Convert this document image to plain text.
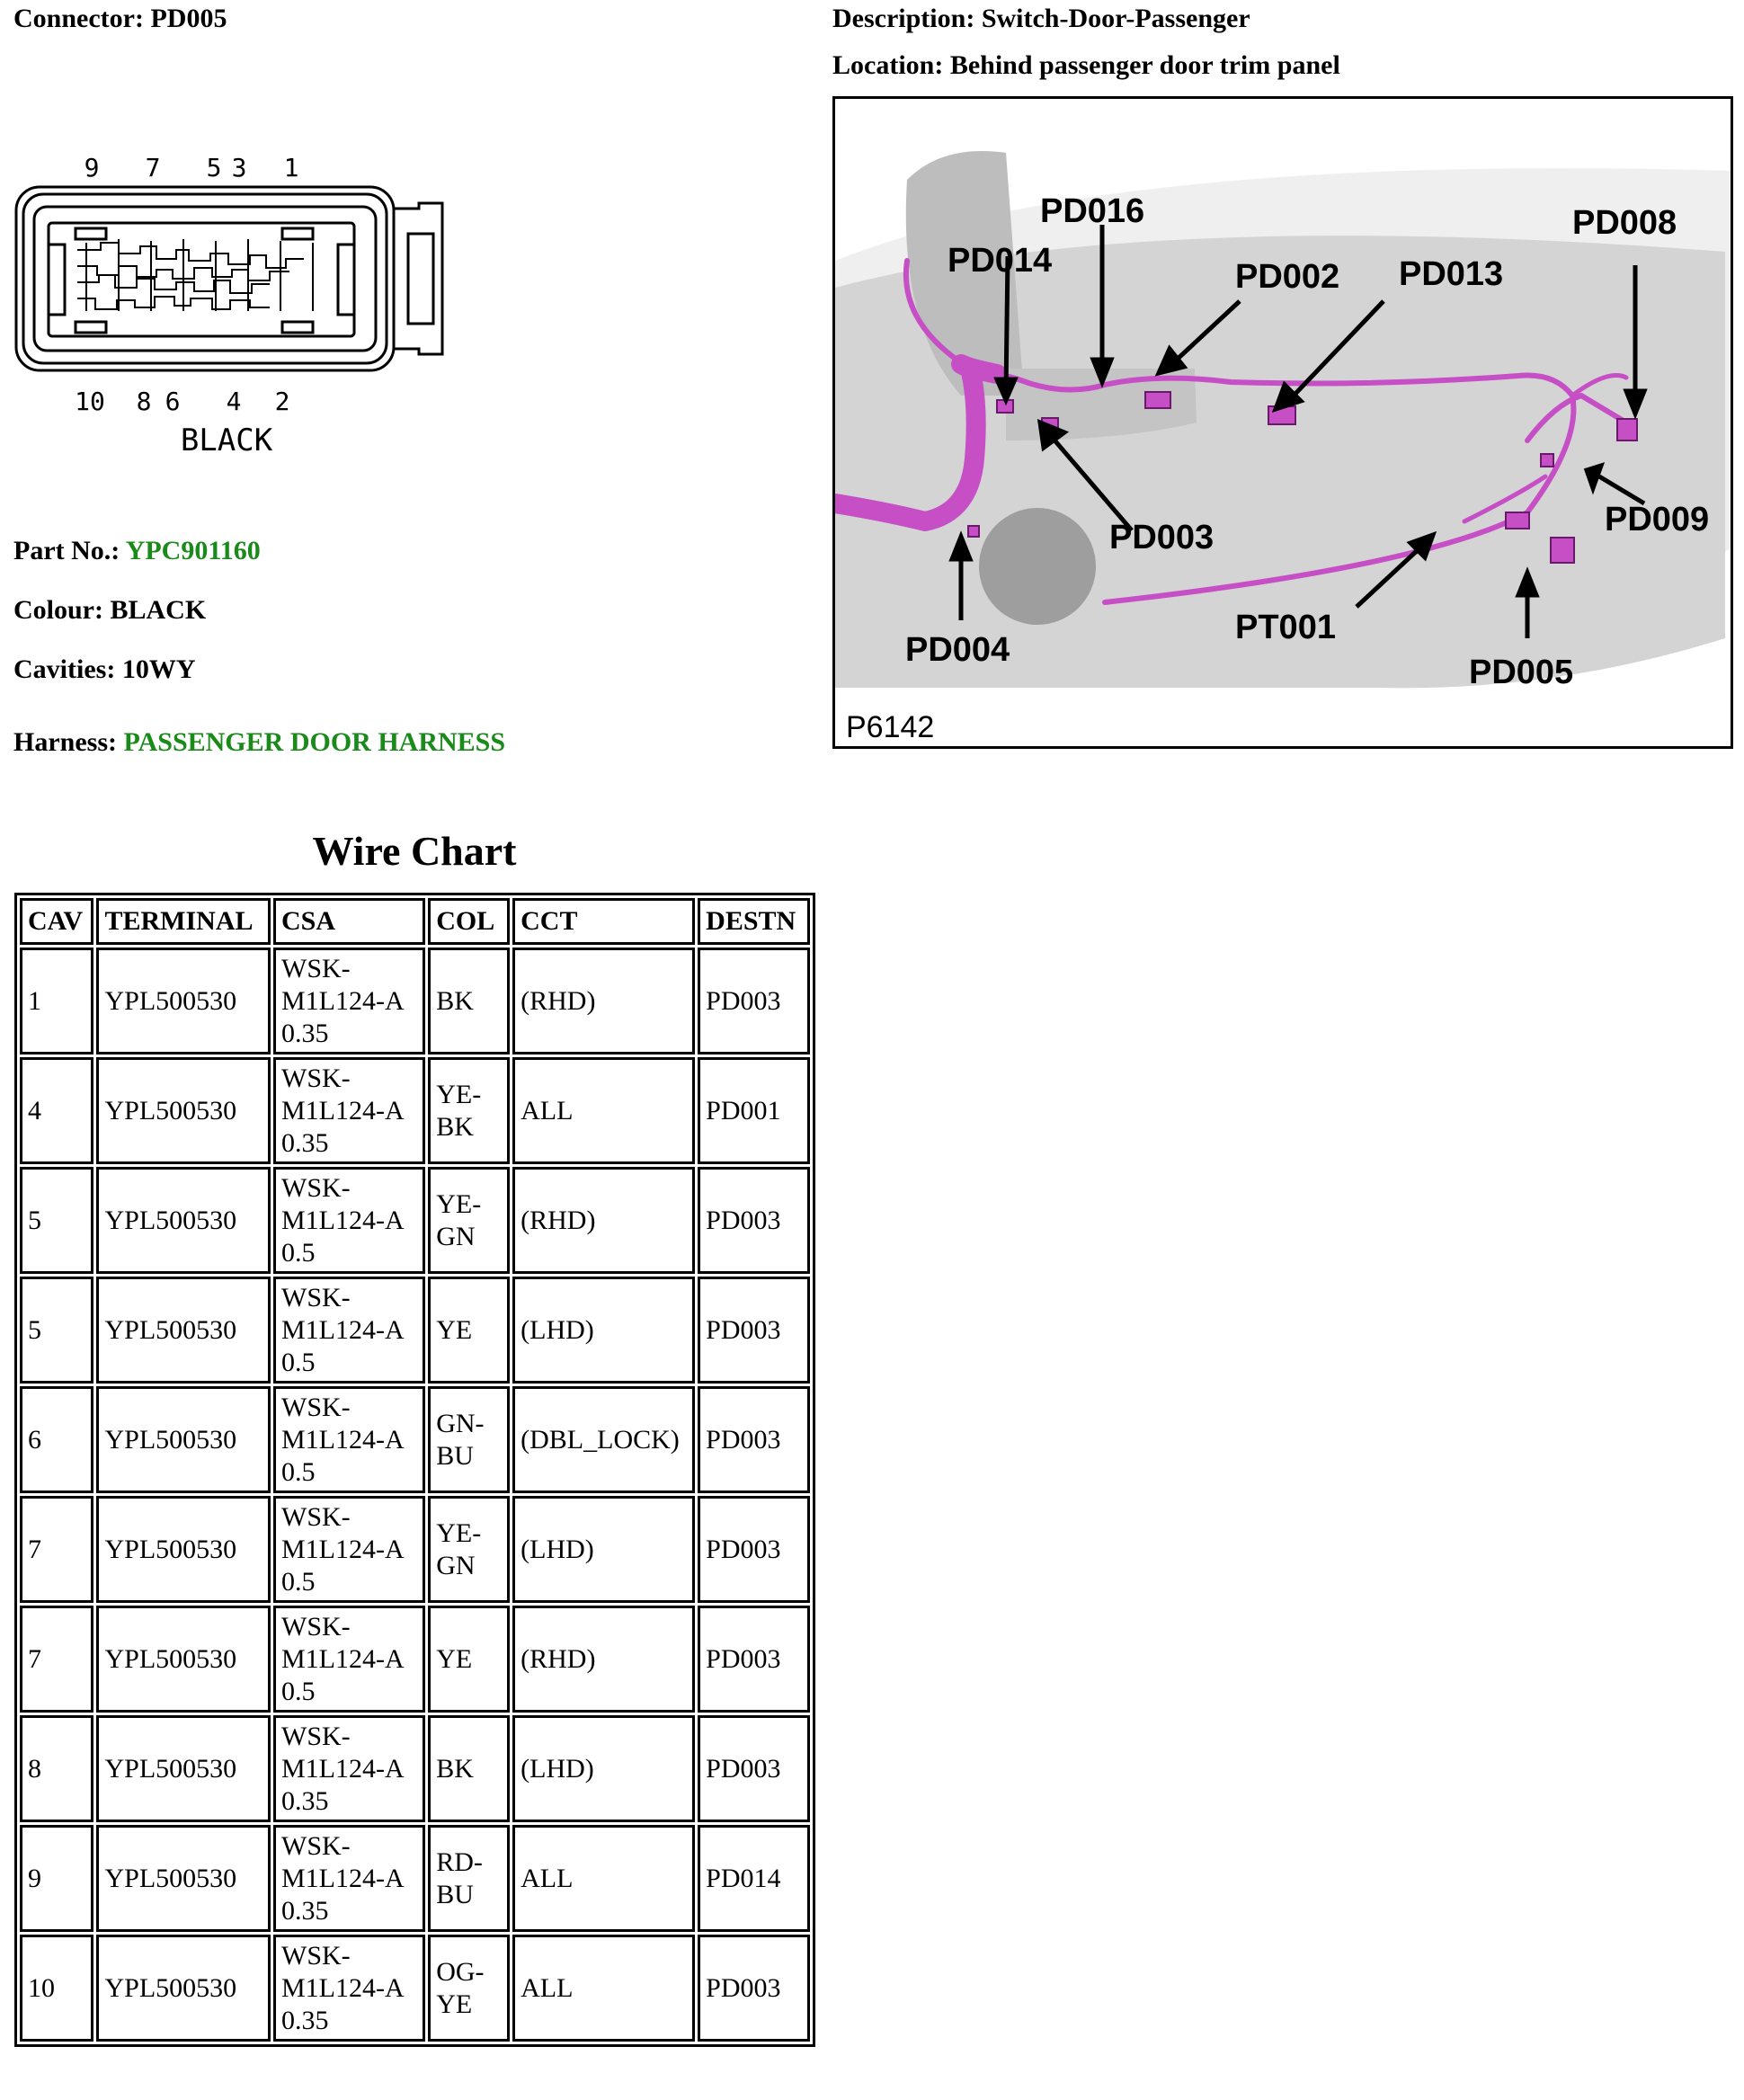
Connector: PD005	Description: Switch-Door-Passenger
Location: Behind passenger door trim panel
9 7 5 3 1
10 8 6 4 2
BLACK
Part No.: YPC901160
Colour: BLACK
Cavities: 10WY
Harness: PASSENGER DOOR HARNESS
PD016	PD008
PD014	PD002 PD013
PD003	PD009
PD004
PT001
PD005
P6142
Wire Chart
CAV	TERMINAL	CSA	COL	CCT	DESTN
1	YPL500530	WSK-M1L124-A 0.35	BK	(RHD)	PD003
4	YPL500530	WSK-M1L124-A 0.35	YE-BK	ALL	PD001
5	YPL500530	WSK-M1L124-A 0.5	YE-GN	(RHD)	PD003
5	YPL500530	WSK-M1L124-A 0.5	YE	(LHD)	PD003
6	YPL500530	WSK-M1L124-A 0.5	GN-BU	(DBL_LOCK)	PD003
7	YPL500530	WSK-M1L124-A 0.5	YE-GN	(LHD)	PD003
7	YPL500530	WSK-M1L124-A 0.5	YE	(RHD)	PD003
8	YPL500530	WSK-M1L124-A 0.35	BK	(LHD)	PD003
9	YPL500530	WSK-M1L124-A 0.35	RD-BU	ALL	PD014
10	YPL500530	WSK-M1L124-A 0.35	OG-YE	ALL	PD003
